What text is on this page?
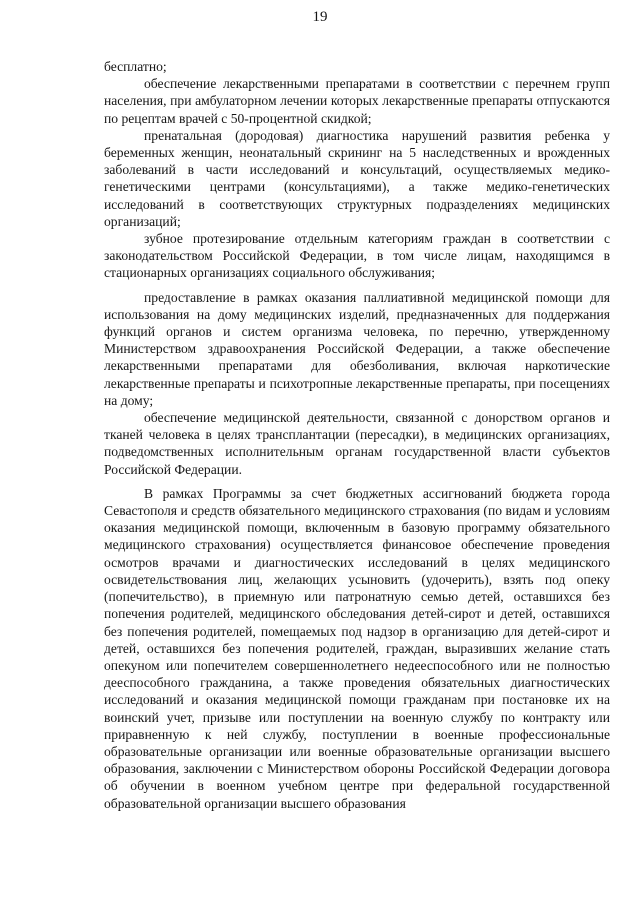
19

бесплатно;

обеспечение лекарственными препаратами в соответствии с перечнем групп населения, при амбулаторном лечении которых лекарственные препараты отпускаются по рецептам врачей с 50-процентной скидкой;

пренатальная (дородовая) диагностика нарушений развития ребенка у беременных женщин, неонатальный скрининг на 5 наследственных и врожденных заболеваний в части исследований и консультаций, осуществляемых медико-генетическими центрами (консультациями), а также медико-генетических исследований в соответствующих структурных подразделениях медицинских организаций;

зубное протезирование отдельным категориям граждан в соответствии с законодательством Российской Федерации, в том числе лицам, находящимся в стационарных организациях социального обслуживания;

предоставление в рамках оказания паллиативной медицинской помощи для использования на дому медицинских изделий, предназначенных для поддержания функций органов и систем организма человека, по перечню, утвержденному Министерством здравоохранения Российской Федерации, а также обеспечение лекарственными препаратами для обезболивания, включая наркотические лекарственные препараты и психотропные лекарственные препараты, при посещениях на дому;

обеспечение медицинской деятельности, связанной с донорством органов и тканей человека в целях трансплантации (пересадки), в медицинских организациях, подведомственных исполнительным органам государственной власти субъектов Российской Федерации.

В рамках Программы за счет бюджетных ассигнований бюджета города Севастополя и средств обязательного медицинского страхования (по видам и условиям оказания медицинской помощи, включенным в базовую программу обязательного медицинского страхования) осуществляется финансовое обеспечение проведения осмотров врачами и диагностических исследований в целях медицинского освидетельствования лиц, желающих усыновить (удочерить), взять под опеку (попечительство), в приемную или патронатную семью детей, оставшихся без попечения родителей, медицинского обследования детей-сирот и детей, оставшихся без попечения родителей, помещаемых под надзор в организацию для детей-сирот и детей, оставшихся без попечения родителей, граждан, выразивших желание стать опекуном или попечителем совершеннолетнего недееспособного или не полностью дееспособного гражданина, а также проведения обязательных диагностических исследований и оказания медицинской помощи гражданам при постановке их на воинский учет, призыве или поступлении на военную службу по контракту или приравненную к ней службу, поступлении в военные профессиональные образовательные организации или военные образовательные организации высшего образования, заключении с Министерством обороны Российской Федерации договора об обучении в военном учебном центре при федеральной государственной образовательной организации высшего образования
